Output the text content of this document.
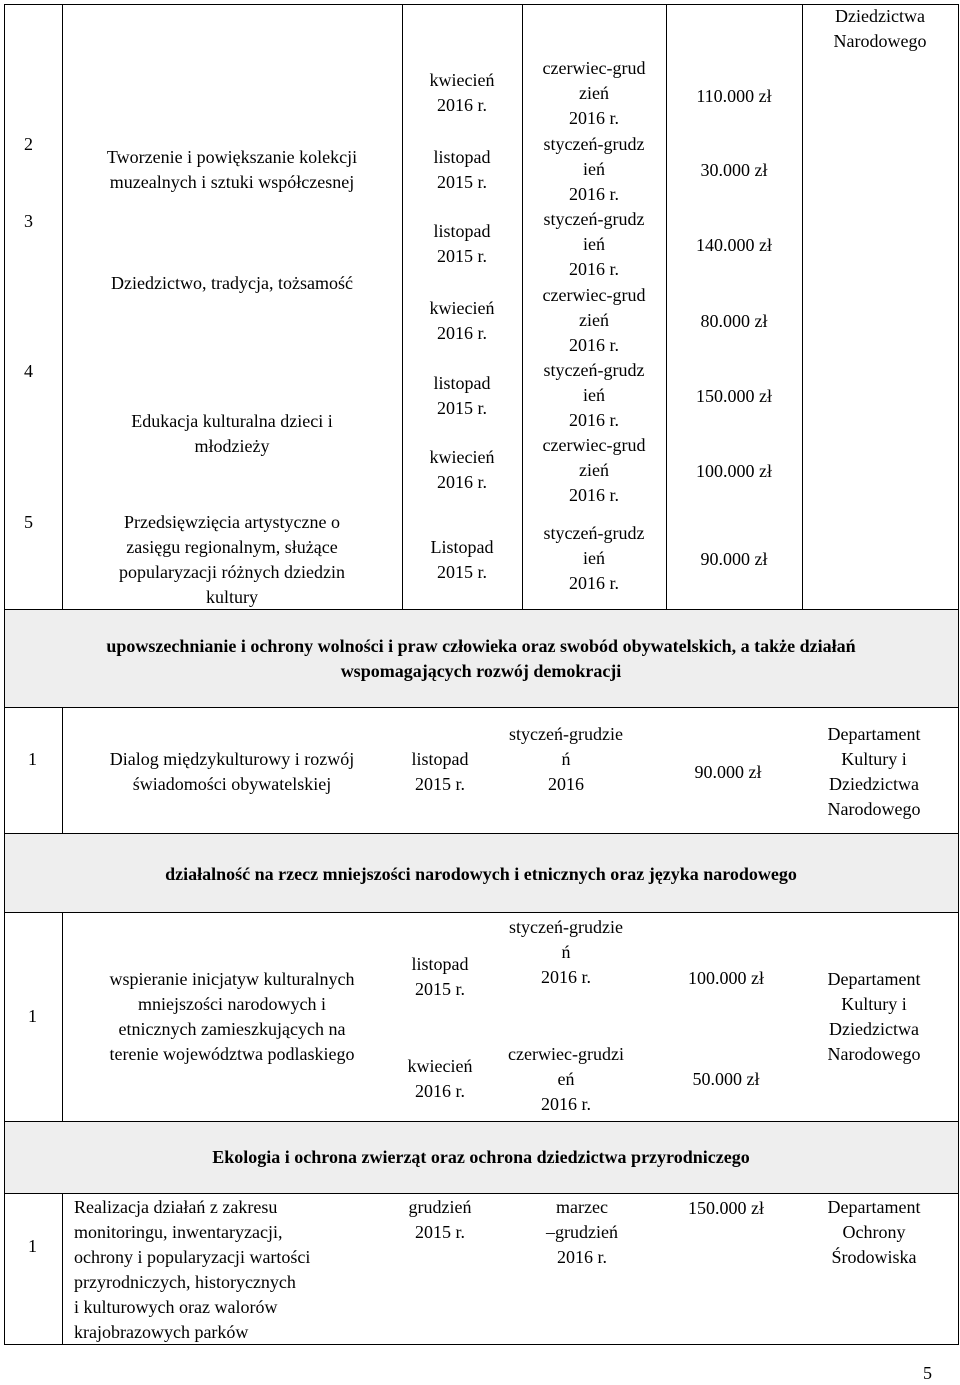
2
3
4
5
Tworzenie i powiększanie kolekcji
muzealnych i sztuki współczesnej
Dziedzictwo, tradycja, tożsamość
Edukacja kulturalna dzieci i
młodzieży
Przedsięwzięcia artystyczne o
zasięgu regionalnym, służące
popularyzacji różnych dziedzin
kultury
kwiecień
2016 r.
listopad
2015 r.
listopad
2015 r.
kwiecień
2016 r.
listopad
2015 r.
kwiecień
2016 r.
Listopad
2015 r.
czerwiec-grud
zień
2016 r.
styczeń-grudz
ień
2016 r.
styczeń-grudz
ień
2016 r.
czerwiec-grud
zień
2016 r.
styczeń-grudz
ień
2016 r.
czerwiec-grud
zień
2016 r.
styczeń-grudz
ień
2016 r.
110.000 zł
30.000 zł
140.000 zł
80.000 zł
150.000 zł
100.000 zł
90.000 zł
Dziedzictwa
Narodowego
upowszechnianie i ochrony wolności i praw człowieka oraz swobód obywatelskich, a także działań
wspomagających rozwój demokracji
1	Dialog międzykulturowy i rozwój
świadomości obywatelskiej
listopad
2015 r.
styczeń-grudzie
ń
2016
90.000 zł
Departament
Kultury i
Dziedzictwa
Narodowego
działalność na rzecz mniejszości narodowych i etnicznych oraz języka narodowego
1
wspieranie inicjatyw kulturalnych
mniejszości narodowych i
etnicznych zamieszkujących na
terenie województwa podlaskiego
listopad
2015 r.
kwiecień
2016 r.
styczeń-grudzie
ń
2016 r.
czerwiec-grudzi
eń
2016 r.
100.000 zł
50.000 zł
Departament
Kultury i
Dziedzictwa
Narodowego
Ekologia i ochrona zwierząt oraz ochrona dziedzictwa przyrodniczego
1
Realizacja działań z zakresu
monitoringu, inwentaryzacji,
ochrony i popularyzacji wartości
przyrodniczych, historycznych
i kulturowych oraz walorów
krajobrazowych parków
grudzień
2015 r.
marzec
–grudzień
2016 r.
150.000 zł	Departament
Ochrony
Środowiska
5
